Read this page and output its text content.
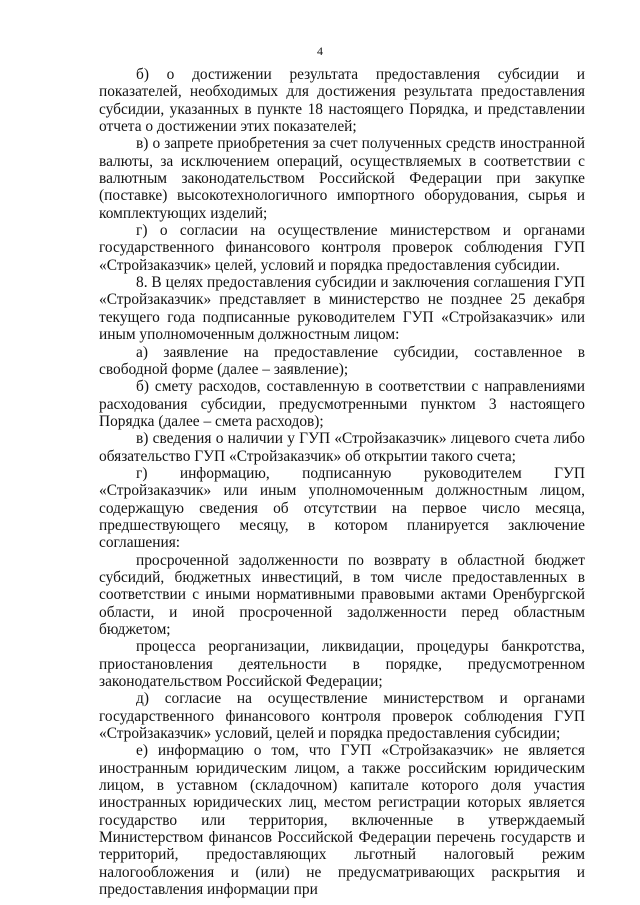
4

б) о достижении результата предоставления субсидии и показателей, необходимых для достижения результата предоставления субсидии, указанных в пункте 18 настоящего Порядка, и представлении отчета о достижении этих показателей;

в) о запрете приобретения за счет полученных средств иностранной валюты, за исключением операций, осуществляемых в соответствии с валютным законодательством Российской Федерации при закупке (поставке) высокотехнологичного импортного оборудования, сырья и комплектующих изделий;

г) о согласии на осуществление министерством и органами государственного финансового контроля проверок соблюдения ГУП «Стройзаказчик» целей, условий и порядка предоставления субсидии.

8. В целях предоставления субсидии и заключения соглашения ГУП «Стройзаказчик» представляет в министерство не позднее 25 декабря текущего года подписанные руководителем ГУП «Стройзаказчик» или иным уполномоченным должностным лицом:

а) заявление на предоставление субсидии, составленное в свободной форме (далее – заявление);

б) смету расходов, составленную в соответствии с направлениями расходования субсидии, предусмотренными пунктом 3 настоящего Порядка (далее – смета расходов);

в) сведения о наличии у ГУП «Стройзаказчик» лицевого счета либо обязательство ГУП «Стройзаказчик» об открытии такого счета;

г) информацию, подписанную руководителем ГУП «Стройзаказчик» или иным уполномоченным должностным лицом, содержащую сведения об отсутствии на первое число месяца, предшествующего месяцу, в котором планируется заключение соглашения:

просроченной задолженности по возврату в областной бюджет субсидий, бюджетных инвестиций, в том числе предоставленных в соответствии с иными нормативными правовыми актами Оренбургской области, и иной просроченной задолженности перед областным бюджетом;

процесса реорганизации, ликвидации, процедуры банкротства, приостановления деятельности в порядке, предусмотренном законодательством Российской Федерации;

д) согласие на осуществление министерством и органами государственного финансового контроля проверок соблюдения ГУП «Стройзаказчик» условий, целей и порядка предоставления субсидии;

е) информацию о том, что ГУП «Стройзаказчик» не является иностранным юридическим лицом, а также российским юридическим лицом, в уставном (складочном) капитале которого доля участия иностранных юридических лиц, местом регистрации которых является государство или территория, включенные в утверждаемый Министерством финансов Российской Федерации перечень государств и территорий, предоставляющих льготный налоговый режим налогообложения и (или) не предусматривающих раскрытия и предоставления информации при
